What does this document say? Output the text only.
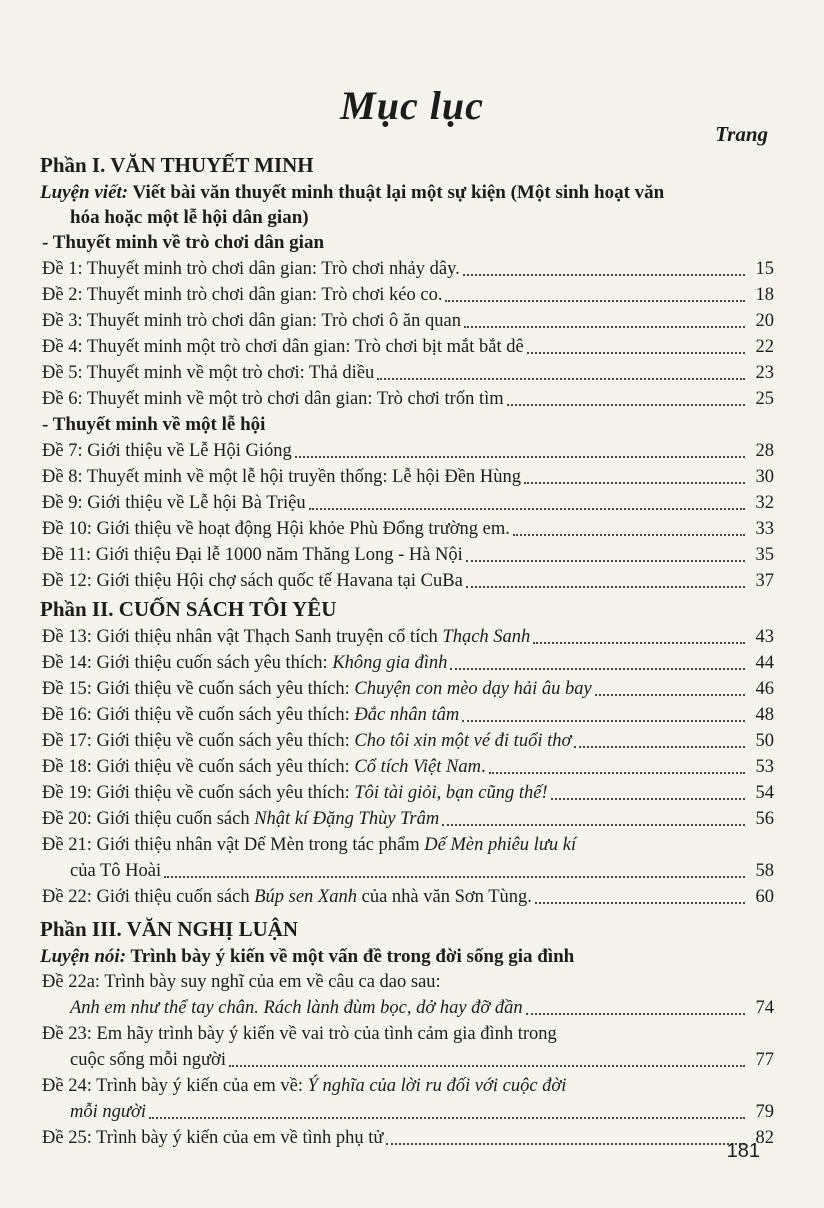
Mục lục
Trang
Phần I. VĂN THUYẾT MINH
Luyện viết: Viết bài văn thuyết minh thuật lại một sự kiện (Một sinh hoạt văn
hóa hoặc một lễ hội dân gian)
- Thuyết minh về trò chơi dân gian
Đề 1: Thuyết minh trò chơi dân gian: Trò chơi nhảy dây.	15
Đề 2: Thuyết minh trò chơi dân gian: Trò chơi kéo co.	18
Đề 3: Thuyết minh trò chơi dân gian: Trò chơi ô ăn quan	20
Đề 4: Thuyết minh một trò chơi dân gian: Trò chơi bịt mắt bắt dê	22
Đề 5: Thuyết minh về một trò chơi: Thả diều	23
Đề 6: Thuyết minh về một trò chơi dân gian: Trò chơi trốn tìm	25
- Thuyết minh về một lễ hội
Đề 7: Giới thiệu về Lễ Hội Gióng	28
Đề 8: Thuyết minh về một lễ hội truyền thống: Lễ hội Đền Hùng	30
Đề 9: Giới thiệu về Lễ hội Bà Triệu	32
Đề 10: Giới thiệu về hoạt động Hội khỏe Phù Đổng trường em.	33
Đề 11: Giới thiệu Đại lễ 1000 năm Thăng Long - Hà Nội	35
Đề 12: Giới thiệu Hội chợ sách quốc tế Havana tại CuBa	37
Phần II. CUỐN SÁCH TÔI YÊU
Đề 13: Giới thiệu nhân vật Thạch Sanh truyện cổ tích Thạch Sanh	43
Đề 14: Giới thiệu cuốn sách yêu thích: Không gia đình	44
Đề 15: Giới thiệu về cuốn sách yêu thích: Chuyện con mèo dạy hải âu bay	46
Đề 16: Giới thiệu về cuốn sách yêu thích: Đắc nhân tâm	48
Đề 17: Giới thiệu về cuốn sách yêu thích: Cho tôi xin một vé đi tuổi thơ	50
Đề 18: Giới thiệu về cuốn sách yêu thích: Cổ tích Việt Nam.	53
Đề 19: Giới thiệu về cuốn sách yêu thích: Tôi tài giỏi, bạn cũng thế!	54
Đề 20: Giới thiệu cuốn sách Nhật kí Đặng Thùy Trâm	56
Đề 21: Giới thiệu nhân vật Dế Mèn trong tác phẩm Dế Mèn phiêu lưu kí
của Tô Hoài	58
Đề 22: Giới thiệu cuốn sách Búp sen Xanh của nhà văn Sơn Tùng.	60
Phần III. VĂN NGHỊ LUẬN
Luyện nói: Trình bày ý kiến về một vấn đề trong đời sống gia đình
Đề 22a: Trình bày suy nghĩ của em về câu ca dao sau:
Anh em như thể tay chân. Rách lành đùm bọc, dở hay đỡ đần	74
Đề 23: Em hãy trình bày ý kiến về vai trò của tình cảm gia đình trong
cuộc sống mỗi người	77
Đề 24: Trình bày ý kiến của em về: Ý nghĩa của lời ru đối với cuộc đời
mỗi người	79
Đề 25: Trình bày ý kiến của em về tình phụ tử	82
181
